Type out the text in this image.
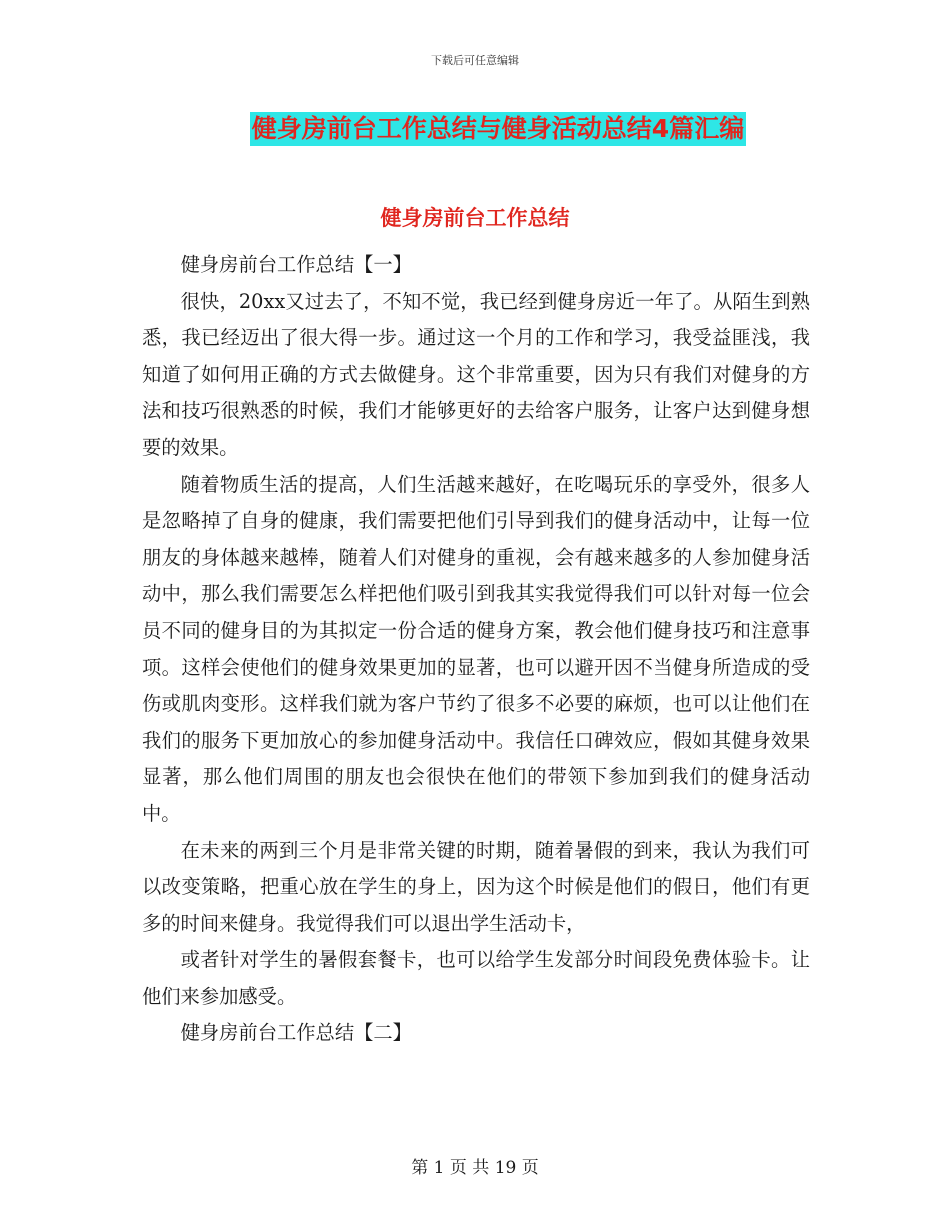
下载后可任意编辑
健身房前台工作总结与健身活动总结4篇汇编
健身房前台工作总结

健身房前台工作总结【一】

很快，20xx又过去了，不知不觉，我已经到健身房近一年了。从陌生到熟悉，我已经迈出了很大得一步。通过这一个月的工作和学习，我受益匪浅，我知道了如何用正确的方式去做健身。这个非常重要，因为只有我们对健身的方法和技巧很熟悉的时候，我们才能够更好的去给客户服务，让客户达到健身想要的效果。

随着物质生活的提高，人们生活越来越好，在吃喝玩乐的享受外，很多人是忽略掉了自身的健康，我们需要把他们引导到我们的健身活动中，让每一位朋友的身体越来越棒，随着人们对健身的重视，会有越来越多的人参加健身活动中，那么我们需要怎么样把他们吸引到我其实我觉得我们可以针对每一位会员不同的健身目的为其拟定一份合适的健身方案，教会他们健身技巧和注意事项。这样会使他们的健身效果更加的显著，也可以避开因不当健身所造成的受伤或肌肉变形。这样我们就为客户节约了很多不必要的麻烦，也可以让他们在我们的服务下更加放心的参加健身活动中。我信任口碑效应，假如其健身效果显著，那么他们周围的朋友也会很快在他们的带领下参加到我们的健身活动中。

在未来的两到三个月是非常关键的时期，随着暑假的到来，我认为我们可以改变策略，把重心放在学生的身上，因为这个时候是他们的假日，他们有更多的时间来健身。我觉得我们可以退出学生活动卡，

或者针对学生的暑假套餐卡，也可以给学生发部分时间段免费体验卡。让他们来参加感受。

健身房前台工作总结【二】

第 1 页 共 19 页
